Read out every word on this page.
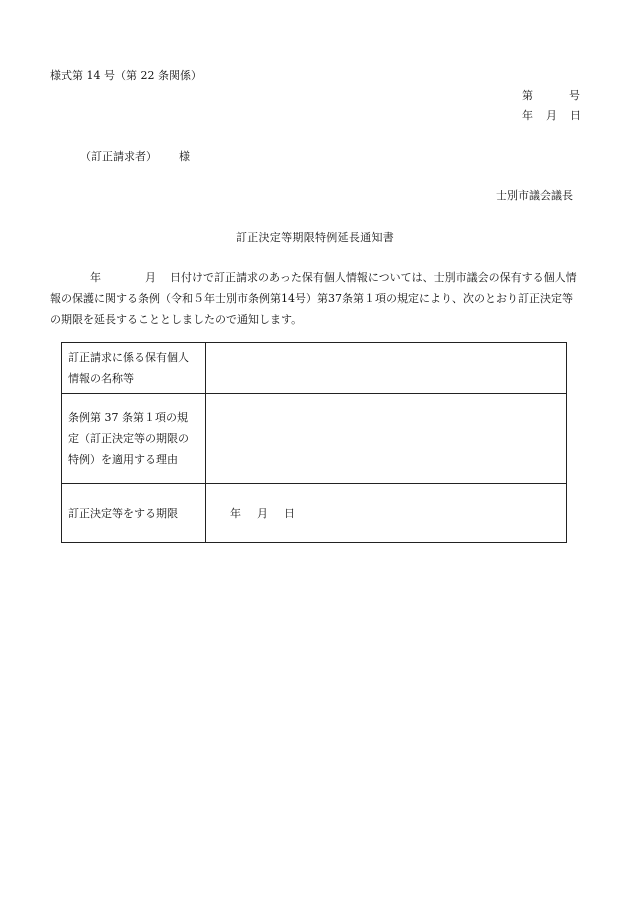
様式第 14 号（第 22 条関係）
第	号
年 月 日
（訂正請求者） 様
士別市議会議長
訂正決定等期限特例延長通知書
年	月 日付けで訂正請求のあった保有個人情報については、士別市議会の保有する個人情報の保護に関する条例（令和５年士別市条例第14号）第37条第１項の規定により、次のとおり訂正決定等の期限を延長することとしましたので通知します。
訂正請求に係る保有個人
情報の名称等	

条例第 37 条第１項の規
定（訂正決定等の期限の
特例）を適用する理由	

訂正決定等をする期限	年 月 日
